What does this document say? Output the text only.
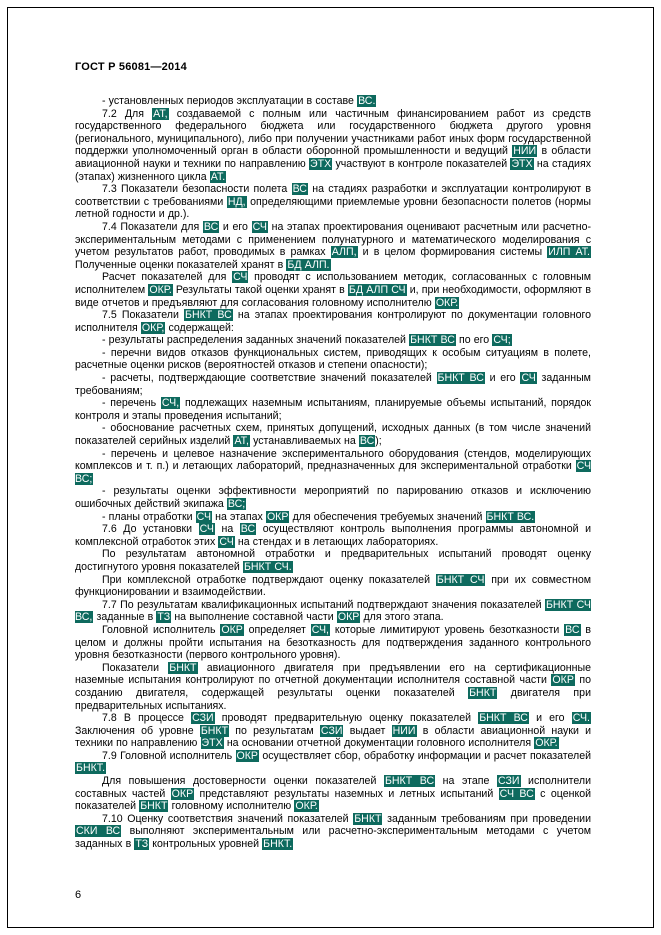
ГОСТ Р 56081—2014

- установленных периодов эксплуатации в составе ВС.

7.2 Для АТ, создаваемой с полным или частичным финансированием работ из средств государственного федерального бюджета или государственного бюджета другого уровня (регионального, муниципального), либо при получении участниками работ иных форм государственной поддержки уполномоченный орган в области оборонной промышленности и ведущий НИИ в области авиационной науки и техники по направлению ЭТХ участвуют в контроле показателей ЭТХ на стадиях (этапах) жизненного цикла АТ.

7.3 Показатели безопасности полета ВС на стадиях разработки и эксплуатации контролируют в соответствии с требованиями НД, определяющими приемлемые уровни безопасности полетов (нормы летной годности и др.).

7.4 Показатели для ВС и его СЧ на этапах проектирования оценивают расчетным или расчетно-экспериментальным методами с применением полунатурного и математического моделирования с учетом результатов работ, проводимых в рамках АЛП, и в целом формирования системы ИЛП АТ. Полученные оценки показателей хранят в БД АЛП.

Расчет показателей для СЧ проводят с использованием методик, согласованных с головным исполнителем ОКР. Результаты такой оценки хранят в БД АЛП СЧ и, при необходимости, оформляют в виде отчетов и предъявляют для согласования головному исполнителю ОКР.

7.5 Показатели БНКТ ВС на этапах проектирования контролируют по документации головного исполнителя ОКР, содержащей:

- результаты распределения заданных значений показателей БНКТ ВС по его СЧ;

- перечни видов отказов функциональных систем, приводящих к особым ситуациям в полете, расчетные оценки рисков (вероятностей отказов и степени опасности);

- расчеты, подтверждающие соответствие значений показателей БНКТ ВС и его СЧ заданным требованиям;

- перечень СЧ, подлежащих наземным испытаниям, планируемые объемы испытаний, порядок контроля и этапы проведения испытаний;

- обоснование расчетных схем, принятых допущений, исходных данных (в том числе значений показателей серийных изделий АТ, устанавливаемых на ВС);

- перечень и целевое назначение экспериментального оборудования (стендов, моделирующих комплексов и т. п.) и летающих лабораторий, предназначенных для экспериментальной отработки СЧ ВС;

- результаты оценки эффективности мероприятий по парированию отказов и исключению ошибочных действий экипажа ВС;

- планы отработки СЧ на этапах ОКР для обеспечения требуемых значений БНКТ ВС.

7.6 До установки СЧ на ВС осуществляют контроль выполнения программы автономной и комплексной отработок этих СЧ на стендах и в летающих лабораториях.

По результатам автономной отработки и предварительных испытаний проводят оценку достигнутого уровня показателей БНКТ СЧ.

При комплексной отработке подтверждают оценку показателей БНКТ СЧ при их совместном функционировании и взаимодействии.

7.7 По результатам квалификационных испытаний подтверждают значения показателей БНКТ СЧ ВС, заданные в ТЗ на выполнение составной части ОКР для этого этапа.

Головной исполнитель ОКР определяет СЧ, которые лимитируют уровень безотказности ВС в целом и должны пройти испытания на безотказность для подтверждения заданного контрольного уровня безотказности (первого контрольного уровня).

Показатели БНКТ авиационного двигателя при предъявлении его на сертификационные наземные испытания контролируют по отчетной документации исполнителя составной части ОКР по созданию двигателя, содержащей результаты оценки показателей БНКТ двигателя при предварительных испытаниях.

7.8 В процессе СЗИ проводят предварительную оценку показателей БНКТ ВС и его СЧ. Заключения об уровне БНКТ по результатам СЗИ выдает НИИ в области авиационной науки и техники по направлению ЭТХ на основании отчетной документации головного исполнителя ОКР.

7.9 Головной исполнитель ОКР осуществляет сбор, обработку информации и расчет показателей БНКТ.

Для повышения достоверности оценки показателей БНКТ ВС на этапе СЗИ исполнители составных частей ОКР представляют результаты наземных и летных испытаний СЧ ВС с оценкой показателей БНКТ головному исполнителю ОКР.

7.10 Оценку соответствия значений показателей БНКТ заданным требованиям при проведении СКИ ВС выполняют экспериментальным или расчетно-экспериментальным методами с учетом заданных в ТЗ контрольных уровней БНКТ.

6
